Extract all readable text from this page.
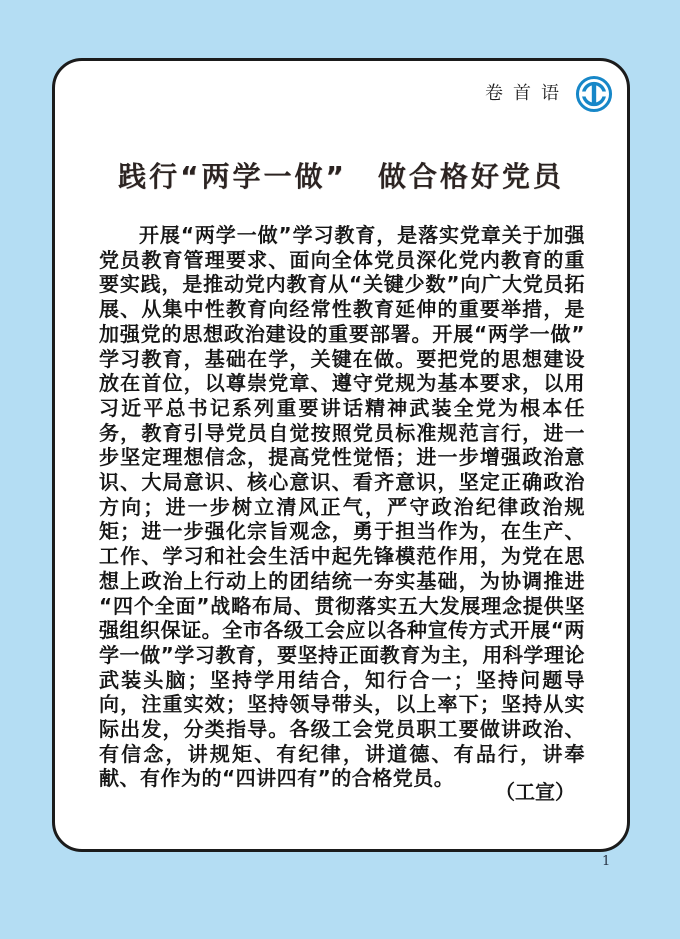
卷首语
践行“两学一做”　做合格好党员
开展“两学一做”学习教育，是落实党章关于加强党员教育管理要求、面向全体党员深化党内教育的重要实践，是推动党内教育从“关键少数”向广大党员拓展、从集中性教育向经常性教育延伸的重要举措，是加强党的思想政治建设的重要部署。开展“两学一做”学习教育，基础在学，关键在做。要把党的思想建设放在首位，以尊崇党章、遵守党规为基本要求，以用习近平总书记系列重要讲话精神武装全党为根本任务，教育引导党员自觉按照党员标准规范言行，进一步坚定理想信念，提高党性觉悟；进一步增强政治意识、大局意识、核心意识、看齐意识，坚定正确政治方向；进一步树立清风正气，严守政治纪律政治规矩；进一步强化宗旨观念，勇于担当作为，在生产、工作、学习和社会生活中起先锋模范作用，为党在思想上政治上行动上的团结统一夯实基础，为协调推进“四个全面”战略布局、贯彻落实五大发展理念提供坚强组织保证。全市各级工会应以各种宣传方式开展“两学一做”学习教育，要坚持正面教育为主，用科学理论武装头脑；坚持学用结合，知行合一；坚持问题导向，注重实效；坚持领导带头，以上率下；坚持从实际出发，分类指导。各级工会党员职工要做讲政治、有信念，讲规矩、有纪律，讲道德、有品行，讲奉献、有作为的“四讲四有”的合格党员。
（工宣）
1
